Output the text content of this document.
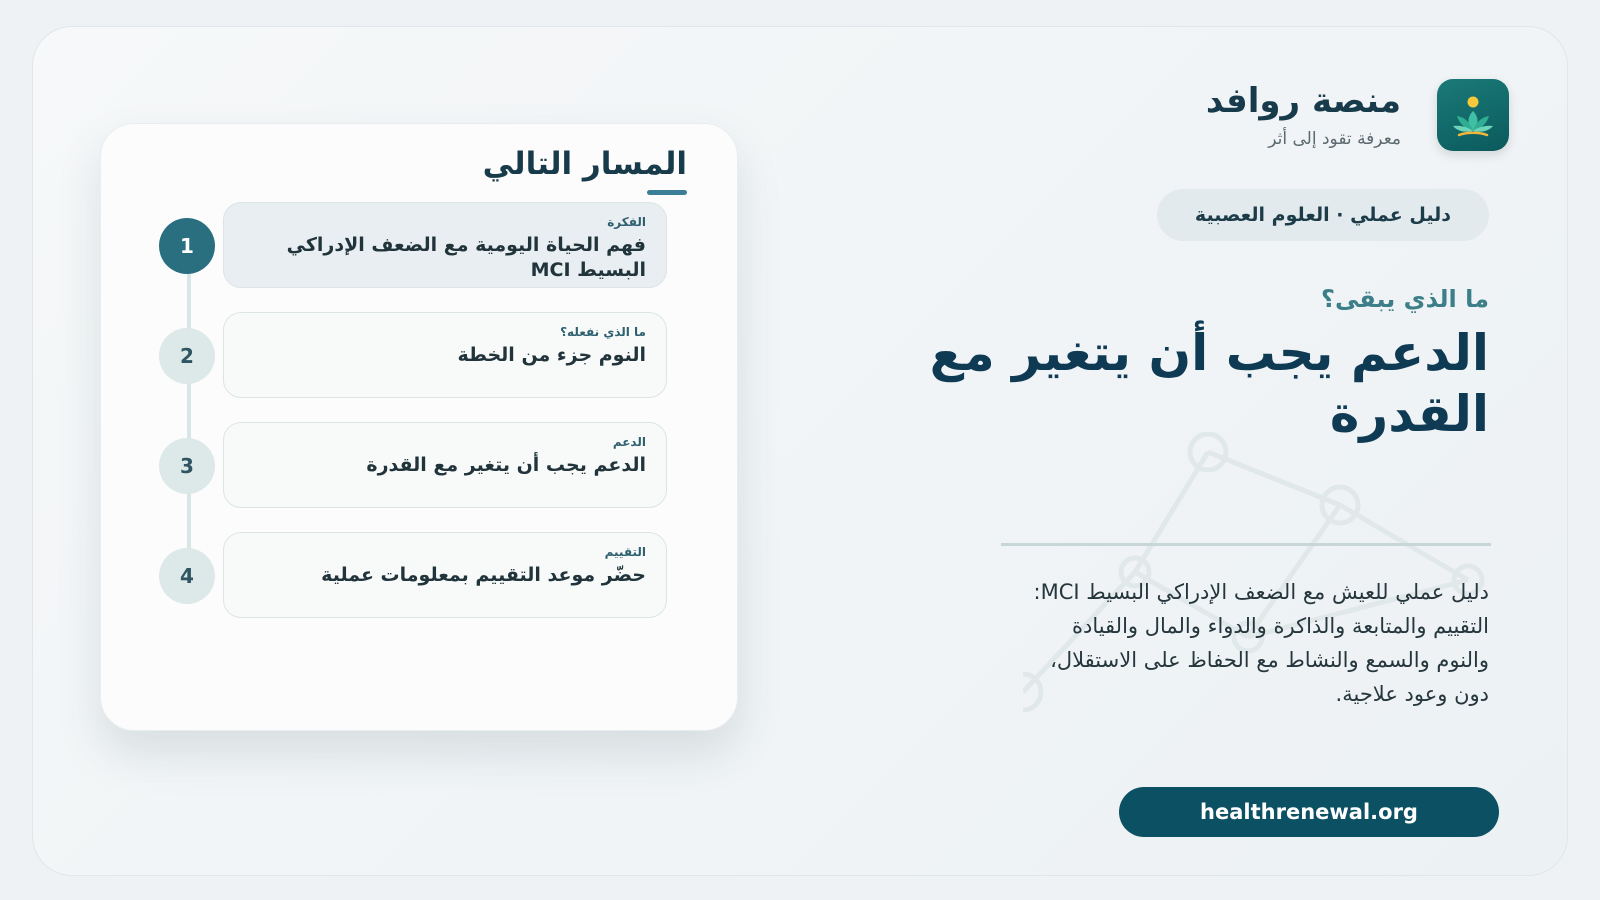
منصة روافد
معرفة تقود إلى أثر
دليل عملي · العلوم العصبية
ما الذي يبقى؟
الدعم يجب أن يتغير مع القدرة
دليل عملي للعيش مع الضعف الإدراكي البسيط MCI: التقييم والمتابعة والذاكرة والدواء والمال والقيادة والنوم والسمع والنشاط مع الحفاظ على الاستقلال، دون وعود علاجية.
healthrenewal.org
المسار التالي
1
الفكرة
فهم الحياة اليومية مع الضعف الإدراكي البسيط MCI
2
ما الذي نفعله؟
النوم جزء من الخطة
3
الدعم
الدعم يجب أن يتغير مع القدرة
4
التقييم
حضّر موعد التقييم بمعلومات عملية
